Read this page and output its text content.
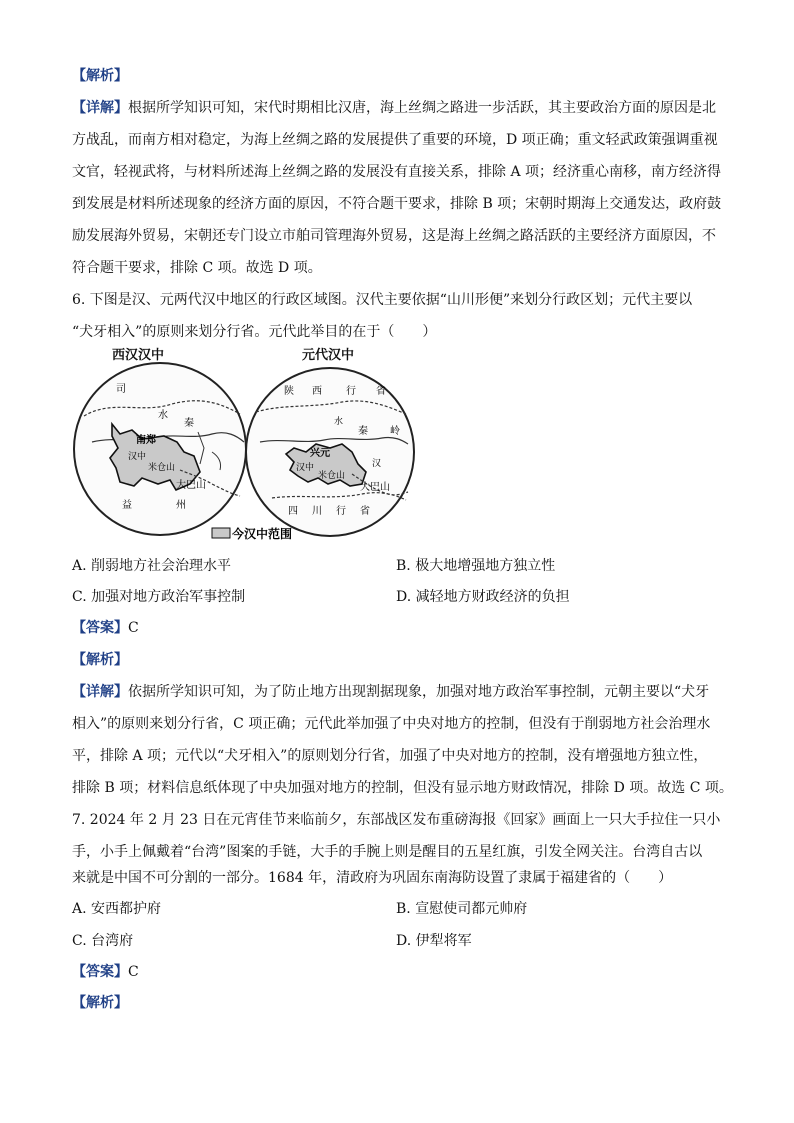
【解析】
【详解】根据所学知识可知，宋代时期相比汉唐，海上丝绸之路进一步活跃，其主要政治方面的原因是北
方战乱，而南方相对稳定，为海上丝绸之路的发展提供了重要的环境，D 项正确；重文轻武政策强调重视
文官，轻视武将，与材料所述海上丝绸之路的发展没有直接关系，排除 A 项；经济重心南移，南方经济得
到发展是材料所述现象的经济方面的原因，不符合题干要求，排除 B 项；宋朝时期海上交通发达，政府鼓
励发展海外贸易，宋朝还专门设立市舶司管理海外贸易，这是海上丝绸之路活跃的主要经济方面原因，不
符合题干要求，排除 C 项。故选 D 项。
6. 下图是汉、元两代汉中地区的行政区域图。汉代主要依据“山川形便”来划分行政区划；元代主要以
“犬牙相入”的原则来划分行省。元代此举目的在于（　　）
西汉汉中	元代汉中
司
水
南郑
汉中
米仓山
大巴山
益	州
秦
陕 西 行 省
兴元
汉中
米仓山
大巴山
四 川 行 省
秦 岭
汉
水
今汉中范围
A. 削弱地方社会治理水平	B. 极大地增强地方独立性
C. 加强对地方政治军事控制	D. 减轻地方财政经济的负担
【答案】C
【解析】
【详解】依据所学知识可知，为了防止地方出现割据现象，加强对地方政治军事控制，元朝主要以“犬牙
相入”的原则来划分行省，C 项正确；元代此举加强了中央对地方的控制，但没有于削弱地方社会治理水
平，排除 A 项；元代以“犬牙相入”的原则划分行省，加强了中央对地方的控制，没有增强地方独立性，
排除 B 项；材料信息纸体现了中央加强对地方的控制，但没有显示地方财政情况，排除 D 项。故选 C 项。
7. 2024 年 2 月 23 日在元宵佳节来临前夕，东部战区发布重磅海报《回家》画面上一只大手拉住一只小
手，小手上佩戴着“台湾”图案的手链，大手的手腕上则是醒目的五星红旗，引发全网关注。台湾自古以
来就是中国不可分割的一部分。1684 年，清政府为巩固东南海防设置了隶属于福建省的（　　）
A. 安西都护府	B. 宣慰使司都元帅府
C. 台湾府	D. 伊犁将军
【答案】C
【解析】
